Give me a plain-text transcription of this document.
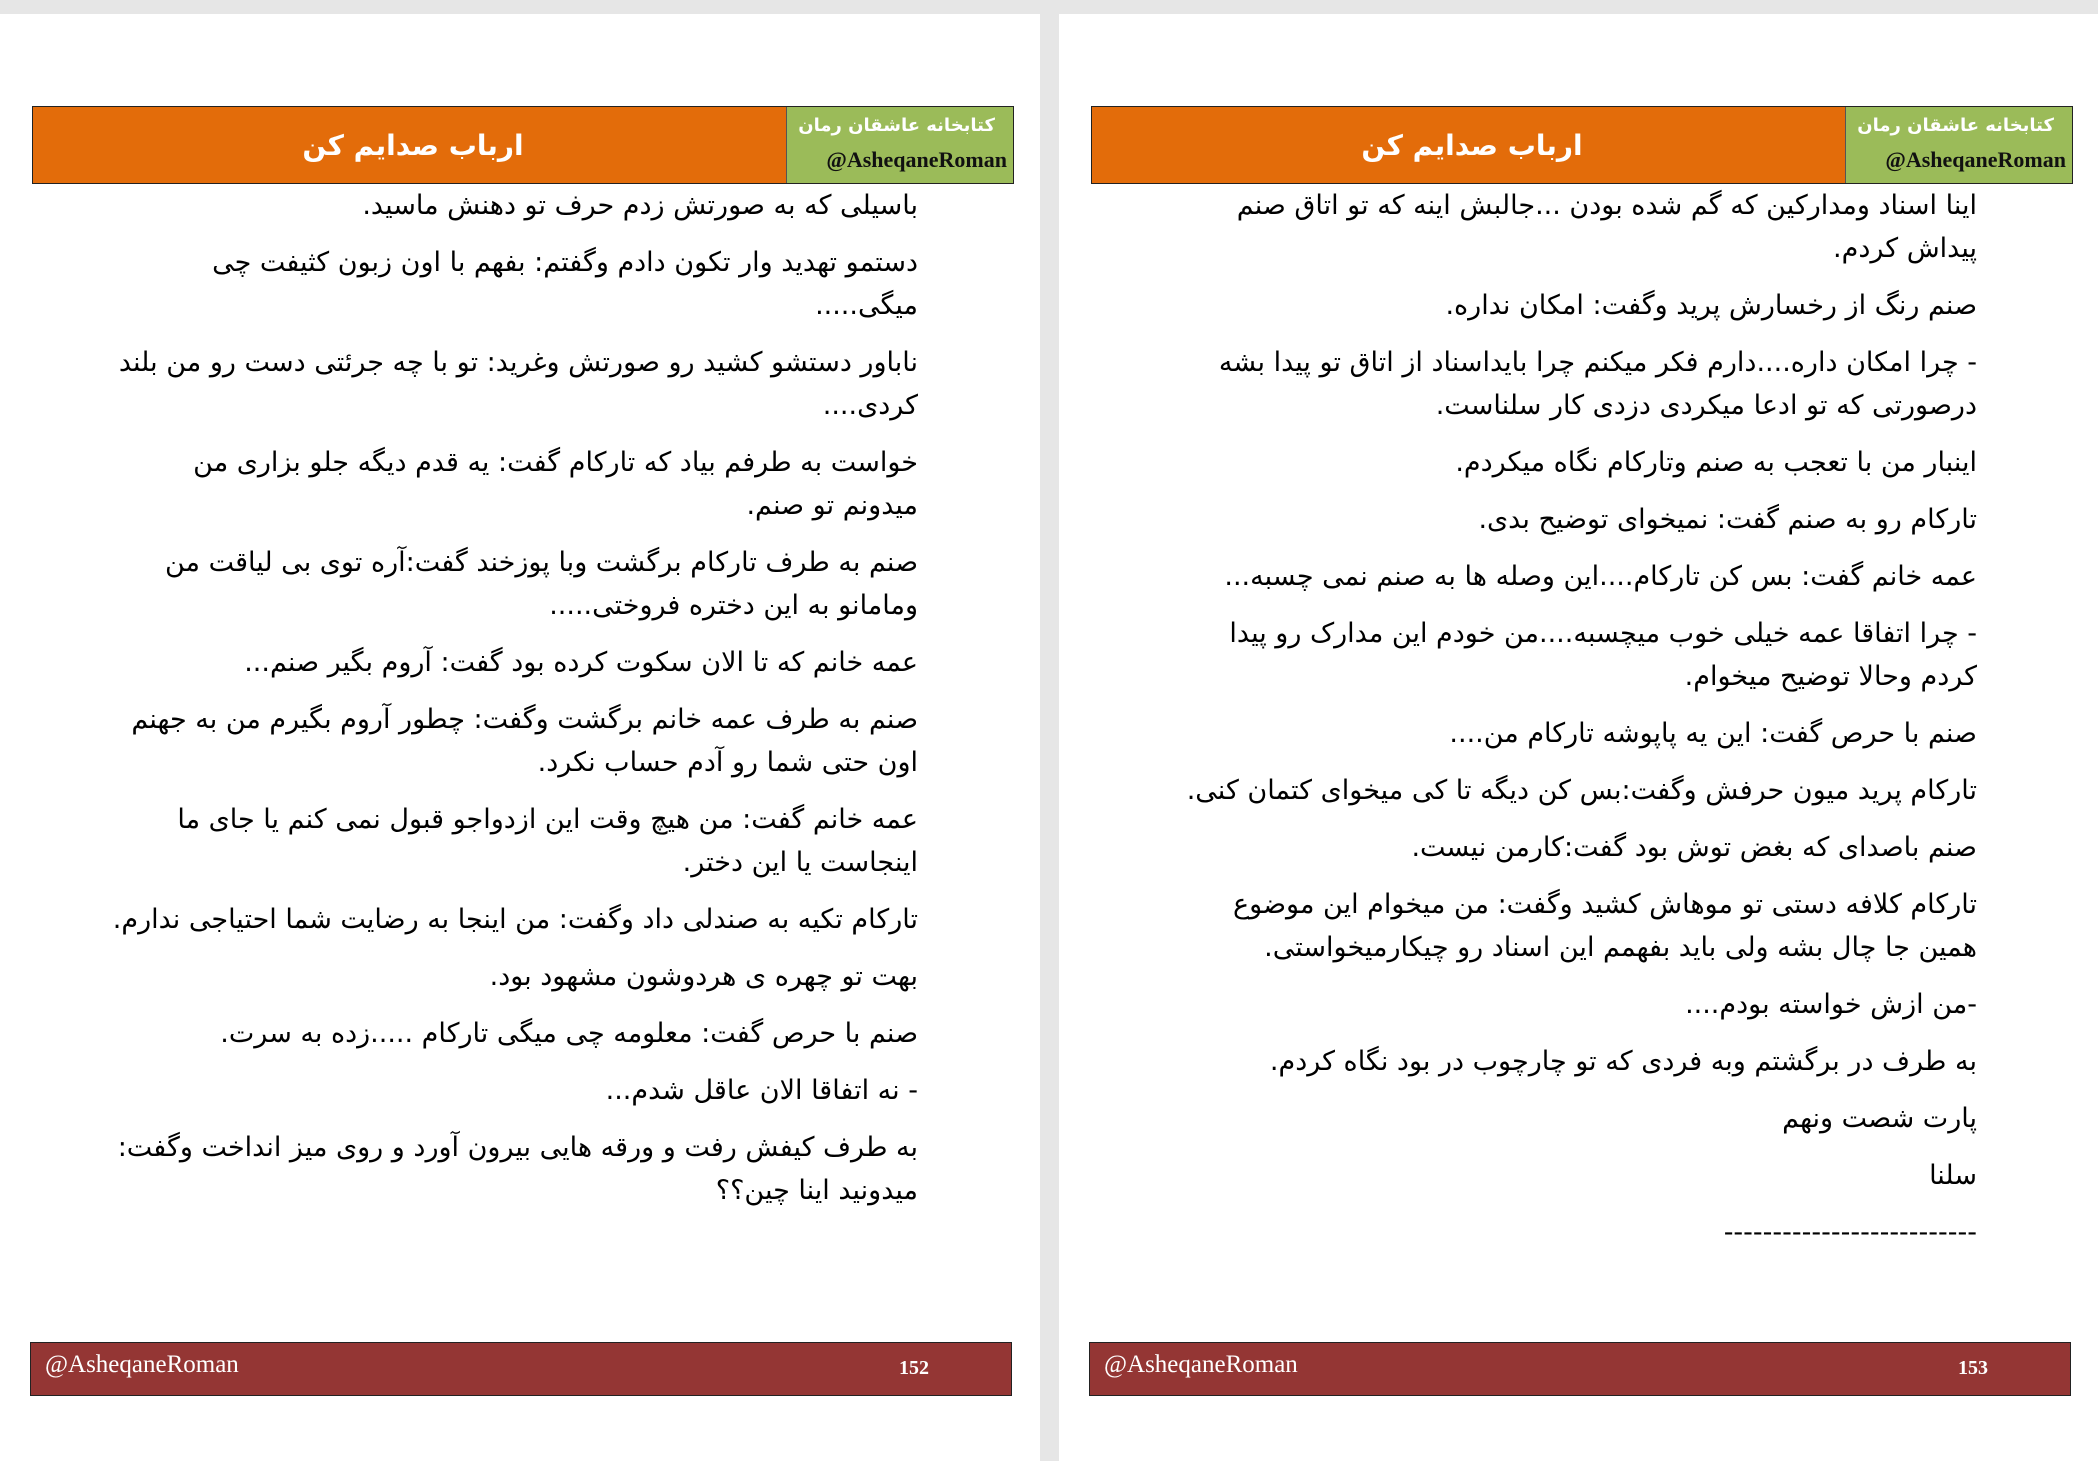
ارباب صدایم کن
کتابخانه عاشقان رمان
@AsheqaneRoman

باسیلی که به صورتش زدم حرف تو دهنش ماسید.

دستمو تهدید وار تکون دادم وگفتم: بفهم با اون زبون کثیفت چی میگی.....

ناباور دستشو کشید رو صورتش وغرید: تو با چه جرئتی دست رو من بلند کردی....

خواست به طرفم بیاد که تارکام گفت: یه قدم دیگه جلو بزاری من میدونم تو صنم.

صنم به طرف تارکام برگشت وبا پوزخند گفت:آره توی بی لیاقت من ومامانو به این دختره فروختی.....

عمه خانم که تا الان سکوت کرده بود گفت: آروم بگیر صنم...

صنم به طرف عمه خانم برگشت وگفت: چطور آروم بگیرم من به جهنم اون حتی شما رو آدم حساب نکرد.

عمه خانم گفت: من هیچ وقت این ازدواجو قبول نمی کنم یا جای ما اینجاست یا این دختر.

تارکام تکیه به صندلی داد وگفت: من اینجا به رضایت شما احتیاجی ندارم.

بهت تو چهره ی هردوشون مشهود بود.

صنم با حرص گفت: معلومه چی میگی تارکام .....زده به سرت.

- نه اتفاقا الان عاقل شدم...

به طرف کیفش رفت و ورقه هایی بیرون آورد و روی میز انداخت وگفت: میدونید اینا چین؟؟

@AsheqaneRoman	152
ارباب صدایم کن
کتابخانه عاشقان رمان
@AsheqaneRoman

اینا اسناد ومدارکین که گم شده بودن ...جالبش اینه که تو اتاق صنم پیداش کردم.

صنم رنگ از رخسارش پرید وگفت: امکان نداره.

- چرا امکان داره....دارم فکر میکنم چرا بایداسناد از اتاق تو پیدا بشه درصورتی که تو ادعا میکردی دزدی کار سلناست.

اینبار من با تعجب به صنم وتارکام نگاه میکردم.

تارکام رو به صنم گفت: نمیخوای توضیح بدی.

عمه خانم گفت: بس کن تارکام....این وصله ها به صنم نمی چسبه...

- چرا اتفاقا عمه خیلی خوب میچسبه....من خودم این مدارک رو پیدا کردم وحالا توضیح میخوام.

صنم با حرص گفت: این یه پاپوشه تارکام من....

تارکام پرید میون حرفش وگفت:بس کن دیگه تا کی میخوای کتمان کنی.

صنم باصدای که بغض توش بود گفت:کارمن نیست.

تارکام کلافه دستی تو موهاش کشید وگفت: من میخوام این موضوع همین جا چال بشه ولی باید بفهمم این اسناد رو چیکارمیخواستی.

-من ازش خواسته بودم....

به طرف در برگشتم وبه فردی که تو چارچوب در بود نگاه کردم.

پارت شصت ونهم

سلنا

--------------------------

@AsheqaneRoman	153
